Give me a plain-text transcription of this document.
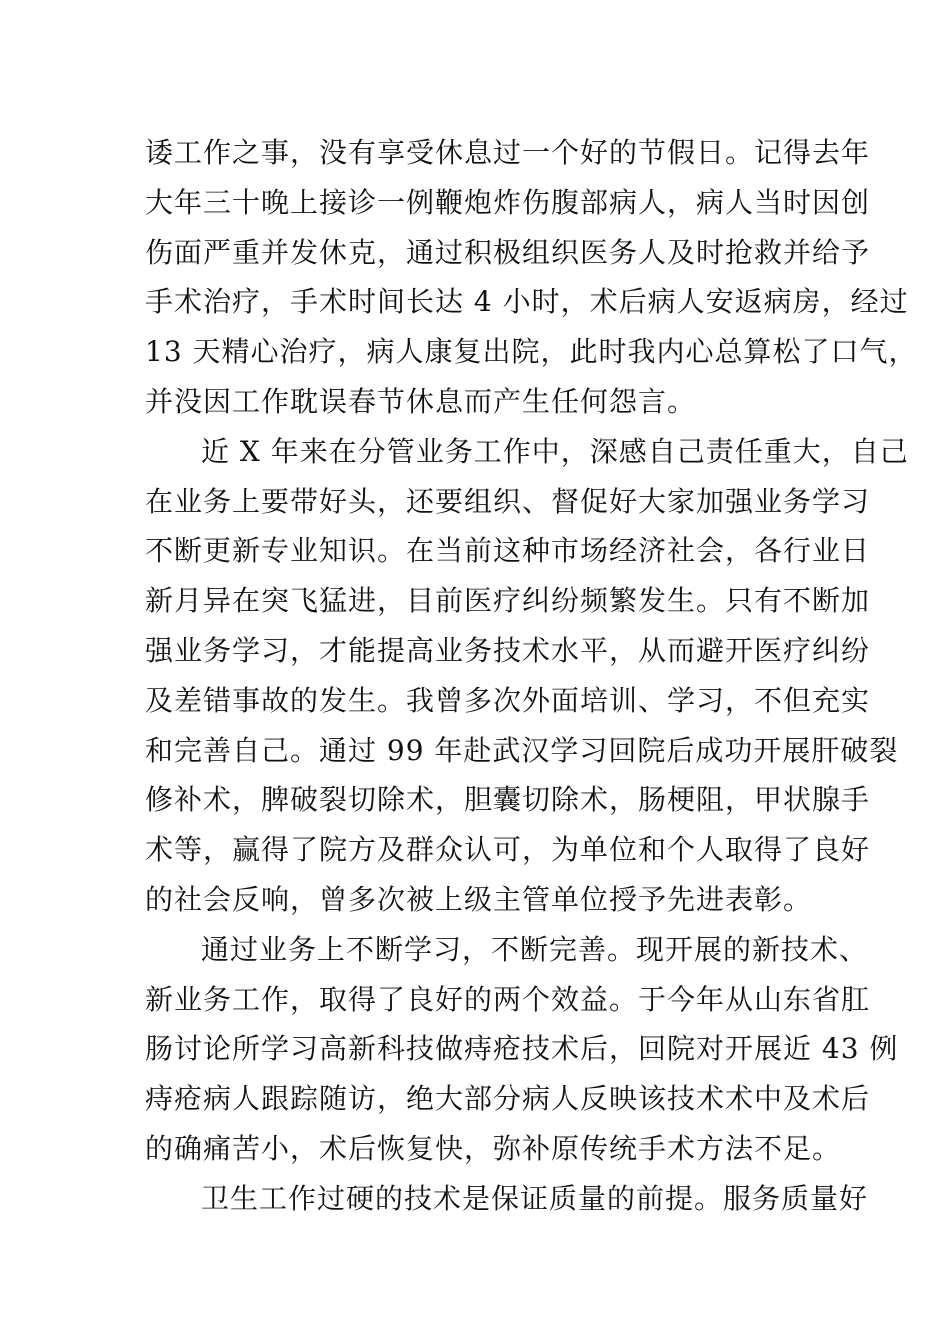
诿工作之事，没有享受休息过一个好的节假日。记得去年
大年三十晚上接诊一例鞭炮炸伤腹部病人，病人当时因创
伤面严重并发休克，通过积极组织医务人及时抢救并给予
手术治疗，手术时间长达 4 小时，术后病人安返病房，经过
13 天精心治疗，病人康复出院，此时我内心总算松了口气，
并没因工作耽误春节休息而产生任何怨言。
近 X 年来在分管业务工作中，深感自己责任重大，自己
在业务上要带好头，还要组织、督促好大家加强业务学习
不断更新专业知识。在当前这种市场经济社会，各行业日
新月异在突飞猛进，目前医疗纠纷频繁发生。只有不断加
强业务学习，才能提高业务技术水平，从而避开医疗纠纷
及差错事故的发生。我曾多次外面培训、学习，不但充实
和完善自己。通过 99 年赴武汉学习回院后成功开展肝破裂
修补术，脾破裂切除术，胆囊切除术，肠梗阻，甲状腺手
术等，赢得了院方及群众认可，为单位和个人取得了良好
的社会反响，曾多次被上级主管单位授予先进表彰。
通过业务上不断学习，不断完善。现开展的新技术、
新业务工作，取得了良好的两个效益。于今年从山东省肛
肠讨论所学习高新科技做痔疮技术后，回院对开展近 43 例
痔疮病人跟踪随访，绝大部分病人反映该技术术中及术后
的确痛苦小，术后恢复快，弥补原传统手术方法不足。
卫生工作过硬的技术是保证质量的前提。服务质量好
